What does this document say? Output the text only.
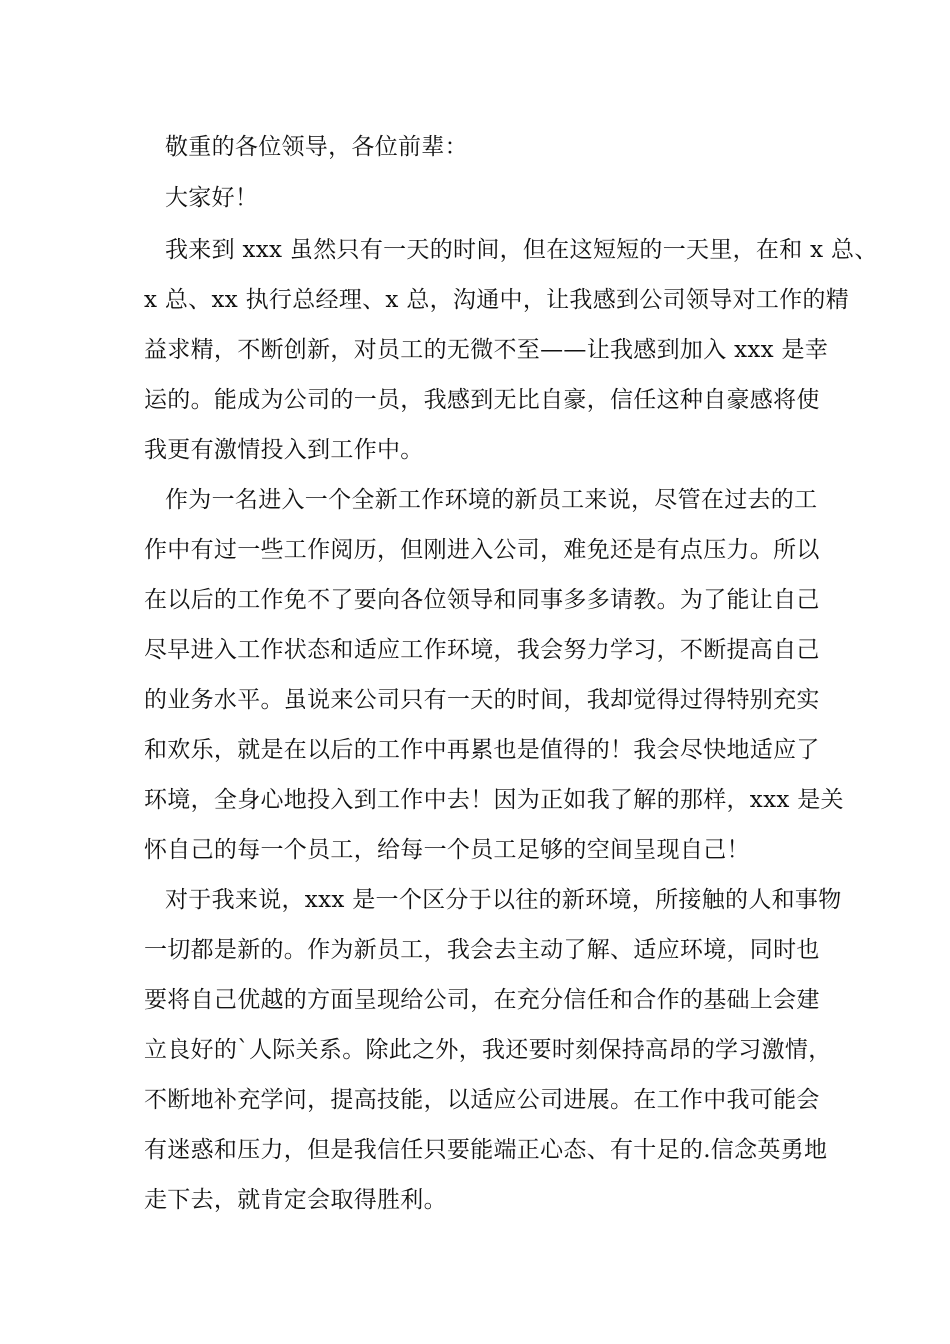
敬重的各位领导，各位前辈：
大家好！
我来到 xxx 虽然只有一天的时间，但在这短短的一天里，在和 x 总、
x 总、xx 执行总经理、x 总，沟通中，让我感到公司领导对工作的精
益求精，不断创新，对员工的无微不至——让我感到加入 xxx 是幸
运的。能成为公司的一员，我感到无比自豪，信任这种自豪感将使
我更有激情投入到工作中。
作为一名进入一个全新工作环境的新员工来说，尽管在过去的工
作中有过一些工作阅历，但刚进入公司，难免还是有点压力。所以
在以后的工作免不了要向各位领导和同事多多请教。为了能让自己
尽早进入工作状态和适应工作环境，我会努力学习，不断提高自己
的业务水平。虽说来公司只有一天的时间，我却觉得过得特别充实
和欢乐，就是在以后的工作中再累也是值得的！我会尽快地适应了
环境，全身心地投入到工作中去！因为正如我了解的那样，xxx 是关
怀自己的每一个员工，给每一个员工足够的空间呈现自己！
对于我来说，xxx 是一个区分于以往的新环境，所接触的人和事物
一切都是新的。作为新员工，我会去主动了解、适应环境，同时也
要将自己优越的方面呈现给公司，在充分信任和合作的基础上会建
立良好的`人际关系。除此之外，我还要时刻保持高昂的学习激情，
不断地补充学问，提高技能，以适应公司进展。在工作中我可能会
有迷惑和压力，但是我信任只要能端正心态、有十足的.信念英勇地
走下去，就肯定会取得胜利。
